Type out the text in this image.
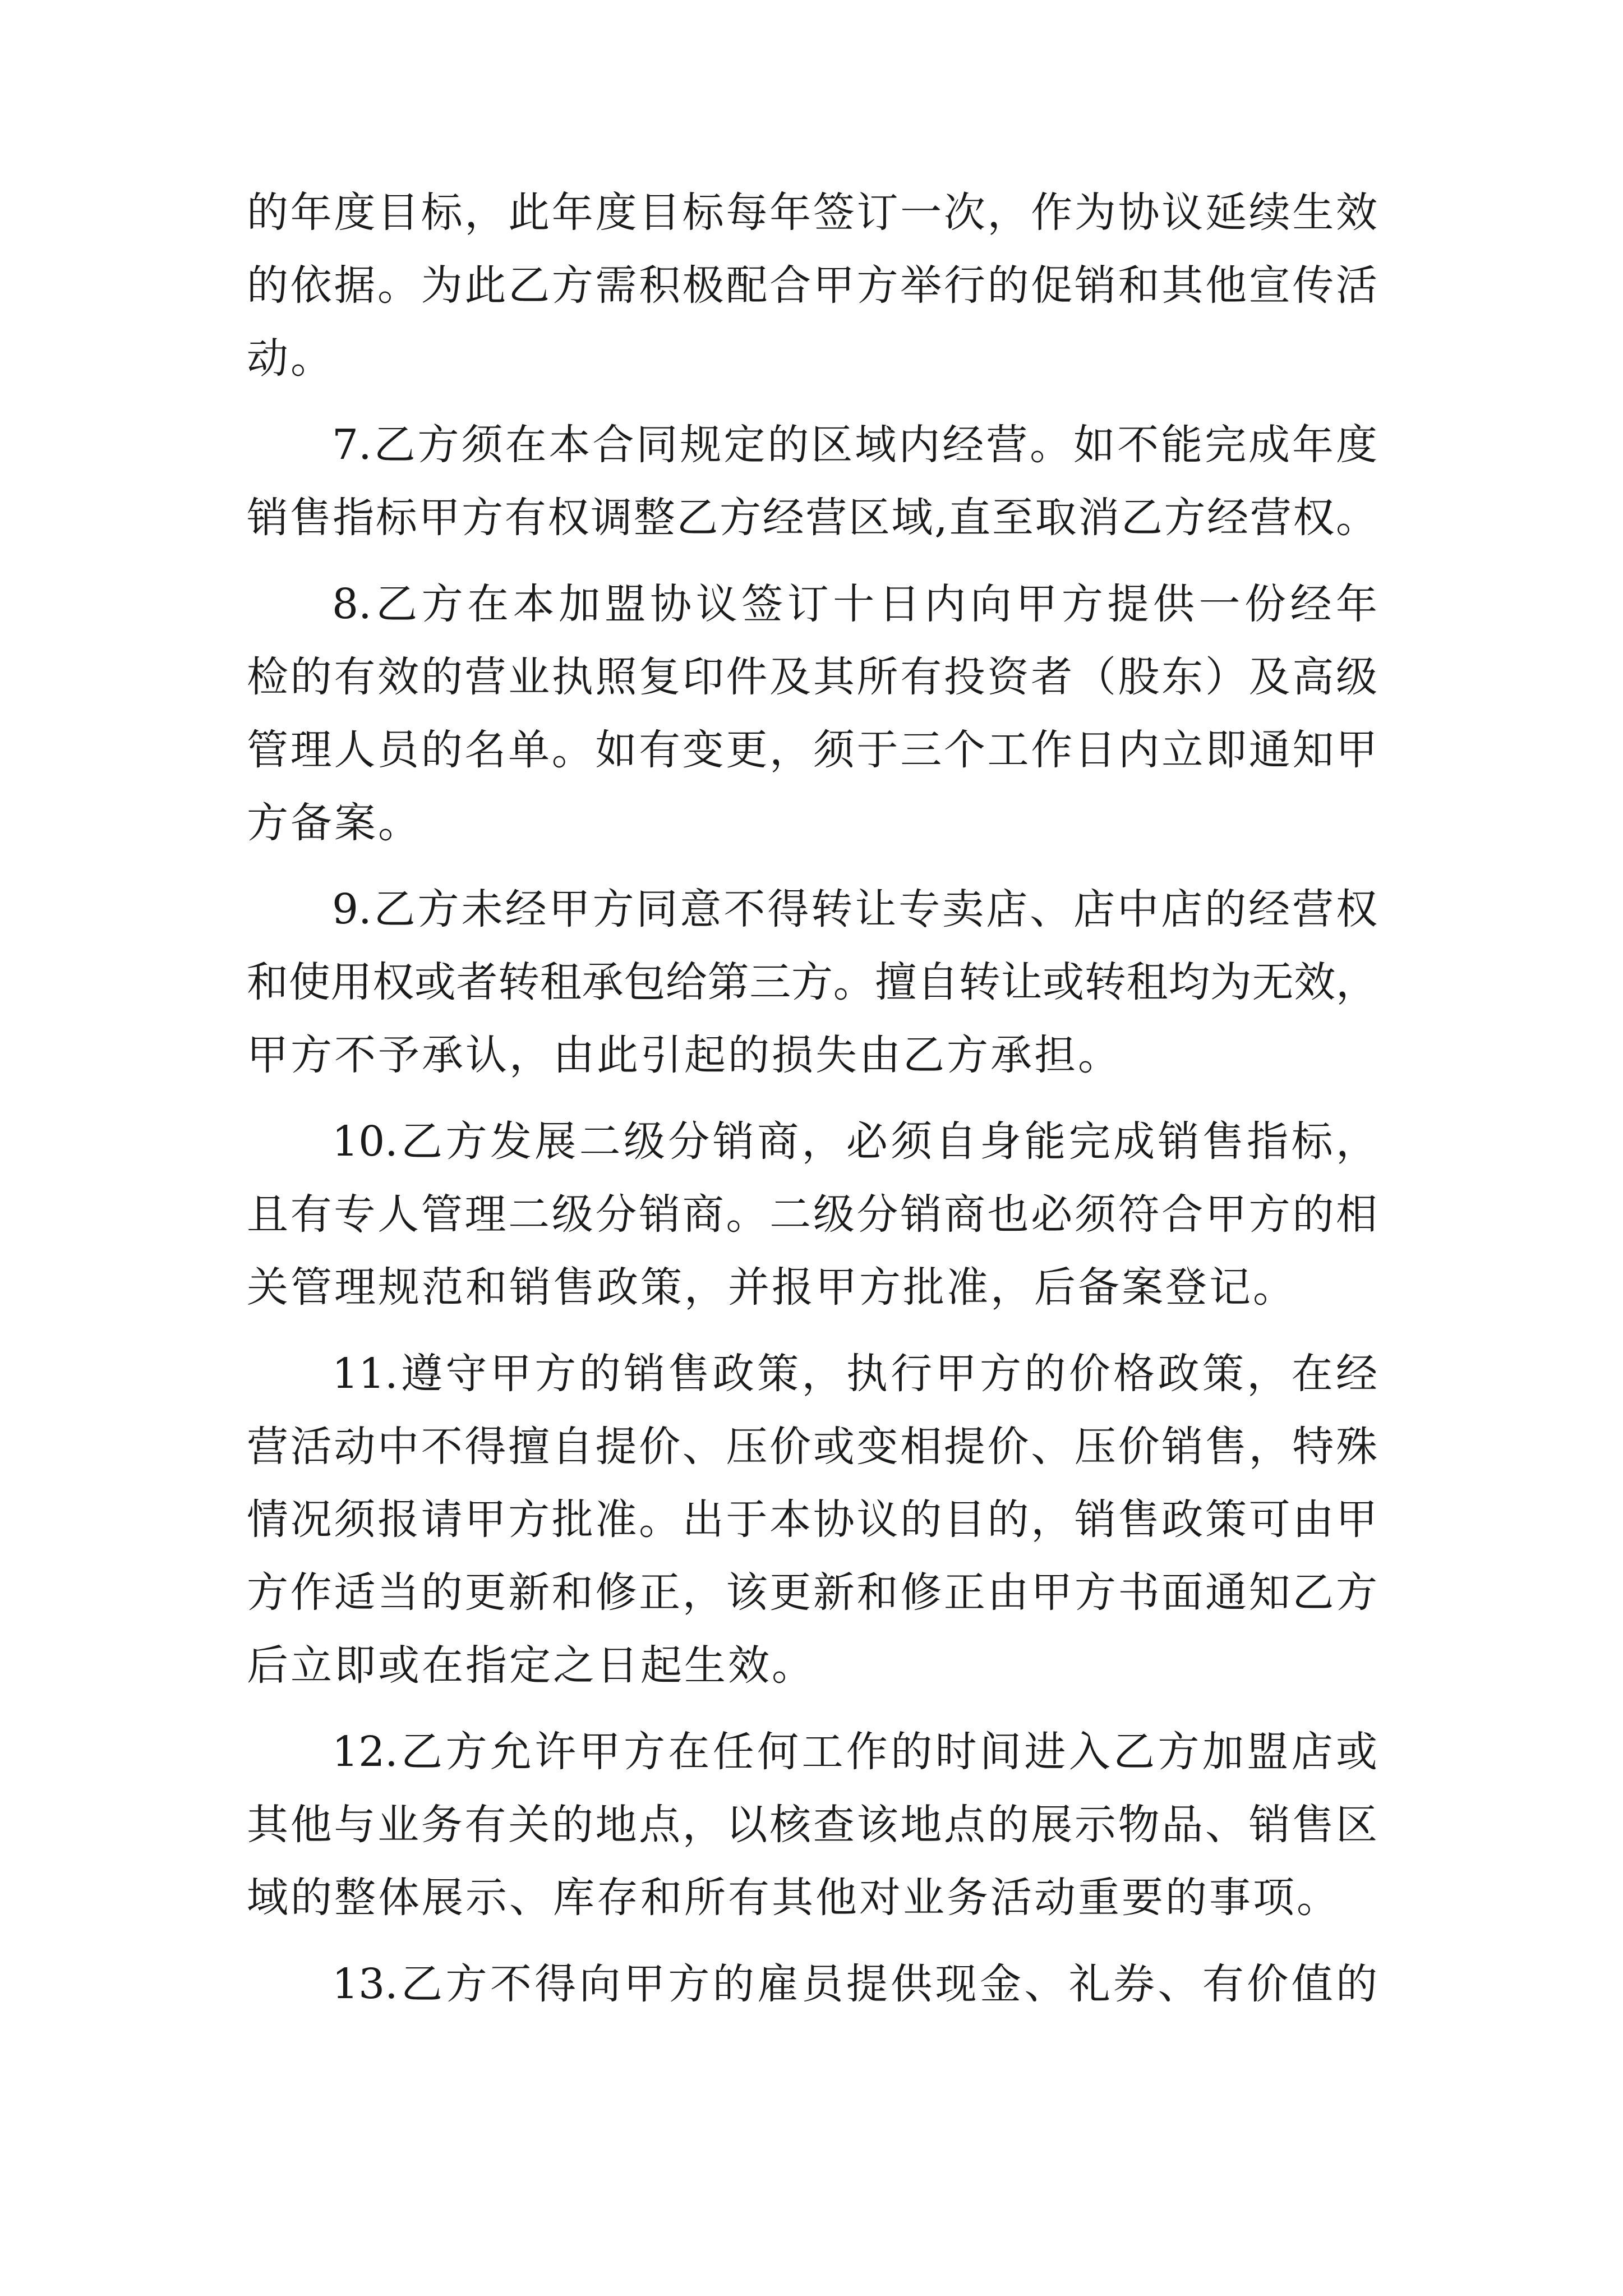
的年度目标，此年度目标每年签订一次，作为协议延续生效
的依据。为此乙方需积极配合甲方举行的促销和其他宣传活
动。
7.乙方须在本合同规定的区域内经营。如不能完成年度
销售指标甲方有权调整乙方经营区域,直至取消乙方经营权。
8.乙方在本加盟协议签订十日内向甲方提供一份经年
检的有效的营业执照复印件及其所有投资者（股东）及高级
管理人员的名单。如有变更，须于三个工作日内立即通知甲
方备案。
9.乙方未经甲方同意不得转让专卖店、店中店的经营权
和使用权或者转租承包给第三方。擅自转让或转租均为无效，
甲方不予承认，由此引起的损失由乙方承担。
10.乙方发展二级分销商，必须自身能完成销售指标，
且有专人管理二级分销商。二级分销商也必须符合甲方的相
关管理规范和销售政策，并报甲方批准，后备案登记。
11.遵守甲方的销售政策，执行甲方的价格政策，在经
营活动中不得擅自提价、压价或变相提价、压价销售，特殊
情况须报请甲方批准。出于本协议的目的，销售政策可由甲
方作适当的更新和修正，该更新和修正由甲方书面通知乙方
后立即或在指定之日起生效。
12.乙方允许甲方在任何工作的时间进入乙方加盟店或
其他与业务有关的地点，以核查该地点的展示物品、销售区
域的整体展示、库存和所有其他对业务活动重要的事项。
13.乙方不得向甲方的雇员提供现金、礼券、有价值的
